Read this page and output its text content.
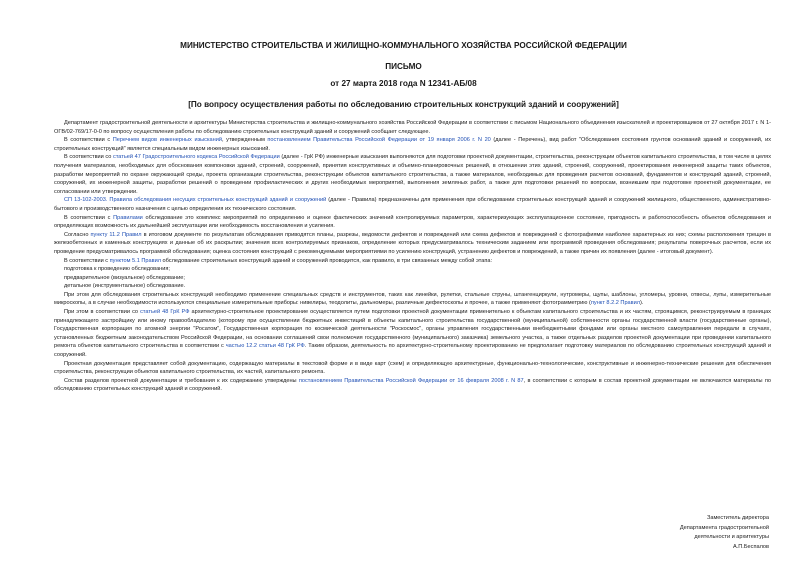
МИНИСТЕРСТВО СТРОИТЕЛЬСТВА И ЖИЛИЩНО-КОММУНАЛЬНОГО ХОЗЯЙСТВА РОССИЙСКОЙ ФЕДЕРАЦИИ
ПИСЬМО
от 27 марта 2018 года N 12341-АБ/08
[По вопросу осуществления работы по обследованию строительных конструкций зданий и сооружений]

Департамент градостроительной деятельности и архитектуры Министерства строительства и жилищно-коммунального хозяйства Российской Федерации в соответствии с письмом Национального объединения изыскателей и проектировщиков от 27 октября 2017 г. N 1-ОГВ/02-769/17-0-0 по вопросу осуществления работы по обследованию строительных конструкций зданий и сооружений сообщает следующее.

В соответствии с Перечнем видов инженерных изысканий, утвержденным постановлением Правительства Российской Федерации от 19 января 2006 г. N 20 (далее - Перечень), вид работ "Обследования состояния грунтов оснований зданий и сооружений, их строительных конструкций" является специальным видом инженерных изысканий.

В соответствии со статьей 47 Градостроительного кодекса Российской Федерации (далее - ГрК РФ) инженерные изыскания выполняются для подготовки проектной документации, строительства, реконструкции объектов капитального строительства, в том числе в целях получения материалов, необходимых для обоснования компоновки зданий, строений, сооружений, принятия конструктивных и объемно-планировочных решений, в отношении этих зданий, строений, сооружений, проектирования инженерной защиты таких объектов, разработки мероприятий по охране окружающей среды, проекта организации строительства, реконструкции объектов капитального строительства, а также материалов, необходимых для проведения расчетов оснований, фундаментов и конструкций зданий, строений, сооружений, их инженерной защиты, разработки решений о проведении профилактических и других необходимых мероприятий, выполнения земляных работ, а также для подготовки решений по вопросам, возникшим при подготовке проектной документации, ее согласовании или утверждении.

СП 13-102-2003. Правила обследования несущих строительных конструкций зданий и сооружений (далее - Правила) предназначены для применения при обследовании строительных конструкций зданий и сооружений жилищного, общественного, административно-бытового и производственного назначения с целью определения их технического состояния.

В соответствии с Правилами обследование это комплекс мероприятий по определению и оценке фактических значений контролируемых параметров, характеризующих эксплуатационное состояние, пригодность и работоспособность объектов обследования и определяющих возможность их дальнейшей эксплуатации или необходимость восстановления и усиления.

Согласно пункту 11.2 Правил в итоговом документе по результатам обследования приводятся планы, разрезы, ведомости дефектов и повреждений или схема дефектов и повреждений с фотографиями наиболее характерных из них; схемы расположения трещин в железобетонных и каменных конструкциях и данные об их раскрытии; значения всех контролируемых признаков, определение которых предусматривалось техническим заданием или программой проведения обследования; результаты поверочных расчетов, если их проведение предусматривалось программой обследования; оценка состояния конструкций с рекомендуемыми мероприятиями по усилению конструкций, устранению дефектов и повреждений, а также причин их появления (далее - итоговый документ).

В соответствии с пунктом 5.1 Правил обследование строительных конструкций зданий и сооружений проводится, как правило, в три связанных между собой этапа:

подготовка к проведению обследования;

предварительное (визуальное) обследование;

детальное (инструментальное) обследование.

При этом для обследования строительных конструкций необходимо применение специальных средств и инструментов, таких как линейки, рулетки, стальные струны, штангенциркули, нутромеры, щупы, шаблоны, угломеры, уровни, отвесы, лупы, измерительные микроскопы, а в случае необходимости используются специальные измерительные приборы: нивелиры, теодолиты, дальномеры, различные дефектоскопы и прочее, а также применяют фотограмметрию (пункт 8.2.2 Правил).

При этом в соответствии со статьей 48 ГрК РФ архитектурно-строительное проектирование осуществляется путем подготовки проектной документации применительно к объектам капитального строительства и их частям, строящимся, реконструируемым в границах принадлежащего застройщику или иному правообладателю (которому при осуществлении бюджетных инвестиций в объекты капитального строительства государственной (муниципальной) собственности органы государственной власти (государственные органы), Государственная корпорация по атомной энергии "Росатом", Государственная корпорация по космической деятельности "Роскосмос", органы управления государственными внебюджетными фондами или органы местного самоуправления передали в случаях, установленных бюджетным законодательством Российской Федерации, на основании соглашений свои полномочия государственного (муниципального) заказчика) земельного участка, а также отдельных разделов проектной документации при проведении капитального ремонта объектов капитального строительства в соответствии с частью 12.2 статьи 48 ГрК РФ. Таким образом, деятельность по архитектурно-строительному проектированию не предполагает подготовку материалов по обследованию строительных конструкций зданий и сооружений.

Проектная документация представляет собой документацию, содержащую материалы в текстовой форме и в виде карт (схем) и определяющую архитектурные, функционально-технологические, конструктивные и инженерно-технические решения для обеспечения строительства, реконструкции объектов капитального строительства, их частей, капитального ремонта.

Состав разделов проектной документации и требования к их содержанию утверждены постановлением Правительства Российской Федерации от 16 февраля 2008 г. N 87, в соответствии с которым в состав проектной документации не включаются материалы по обследованию строительных конструкций зданий и сооружений.

Заместитель директора
Департамента градостроительной
деятельности и архитектуры
А.П.Беспалов
